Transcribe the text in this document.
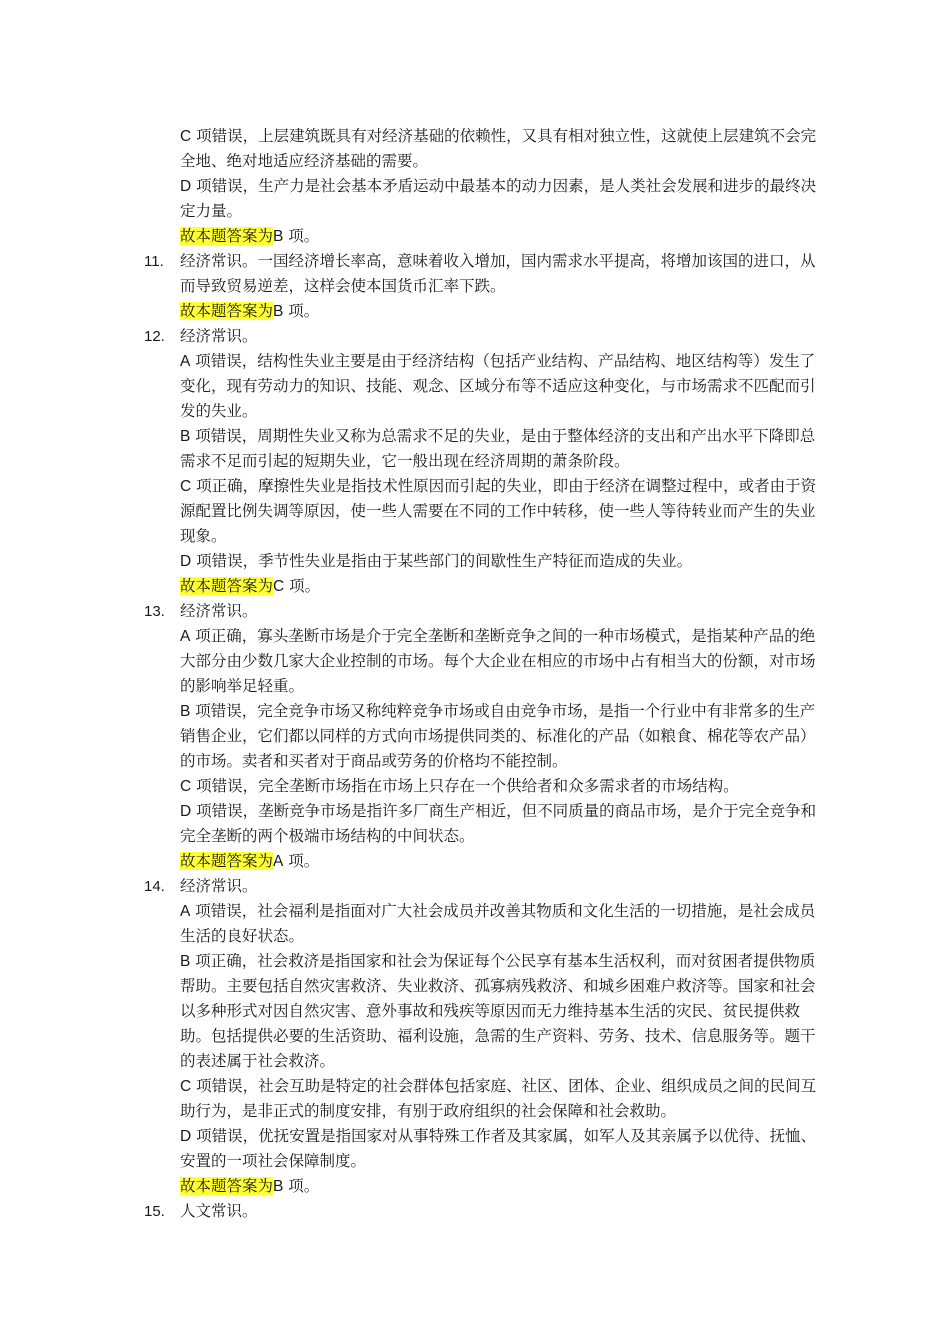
C 项错误，上层建筑既具有对经济基础的依赖性，又具有相对独立性，这就使上层建筑不会完全地、绝对地适应经济基础的需要。
D 项错误，生产力是社会基本矛盾运动中最基本的动力因素，是人类社会发展和进步的最终决定力量。
故本题答案为B 项。
11. 经济常识。一国经济增长率高，意味着收入增加，国内需求水平提高，将增加该国的进口，从而导致贸易逆差，这样会使本国货币汇率下跌。
故本题答案为B 项。
12. 经济常识。
A 项错误，结构性失业主要是由于经济结构（包括产业结构、产品结构、地区结构等）发生了变化，现有劳动力的知识、技能、观念、区域分布等不适应这种变化，与市场需求不匹配而引发的失业。
B 项错误，周期性失业又称为总需求不足的失业，是由于整体经济的支出和产出水平下降即总需求不足而引起的短期失业，它一般出现在经济周期的萧条阶段。
C 项正确，摩擦性失业是指技术性原因而引起的失业，即由于经济在调整过程中，或者由于资源配置比例失调等原因，使一些人需要在不同的工作中转移，使一些人等待转业而产生的失业现象。
D 项错误，季节性失业是指由于某些部门的间歇性生产特征而造成的失业。
故本题答案为C 项。
13. 经济常识。
A 项正确，寡头垄断市场是介于完全垄断和垄断竞争之间的一种市场模式，是指某种产品的绝大部分由少数几家大企业控制的市场。每个大企业在相应的市场中占有相当大的份额，对市场的影响举足轻重。
B 项错误，完全竞争市场又称纯粹竞争市场或自由竞争市场，是指一个行业中有非常多的生产销售企业，它们都以同样的方式向市场提供同类的、标准化的产品（如粮食、棉花等农产品）的市场。卖者和买者对于商品或劳务的价格均不能控制。
C 项错误，完全垄断市场指在市场上只存在一个供给者和众多需求者的市场结构。
D 项错误，垄断竞争市场是指许多厂商生产相近，但不同质量的商品市场，是介于完全竞争和完全垄断的两个极端市场结构的中间状态。
故本题答案为A 项。
14. 经济常识。
A 项错误，社会福利是指面对广大社会成员并改善其物质和文化生活的一切措施，是社会成员生活的良好状态。
B 项正确，社会救济是指国家和社会为保证每个公民享有基本生活权利，而对贫困者提供物质帮助。主要包括自然灾害救济、失业救济、孤寡病残救济、和城乡困难户救济等。国家和社会以多种形式对因自然灾害、意外事故和残疾等原因而无力维持基本生活的灾民、贫民提供救助。包括提供必要的生活资助、福利设施，急需的生产资料、劳务、技术、信息服务等。题干的表述属于社会救济。
C 项错误，社会互助是特定的社会群体包括家庭、社区、团体、企业、组织成员之间的民间互助行为，是非正式的制度安排，有别于政府组织的社会保障和社会救助。
D 项错误，优抚安置是指国家对从事特殊工作者及其家属，如军人及其亲属予以优待、抚恤、安置的一项社会保障制度。
故本题答案为B 项。
15. 人文常识。
